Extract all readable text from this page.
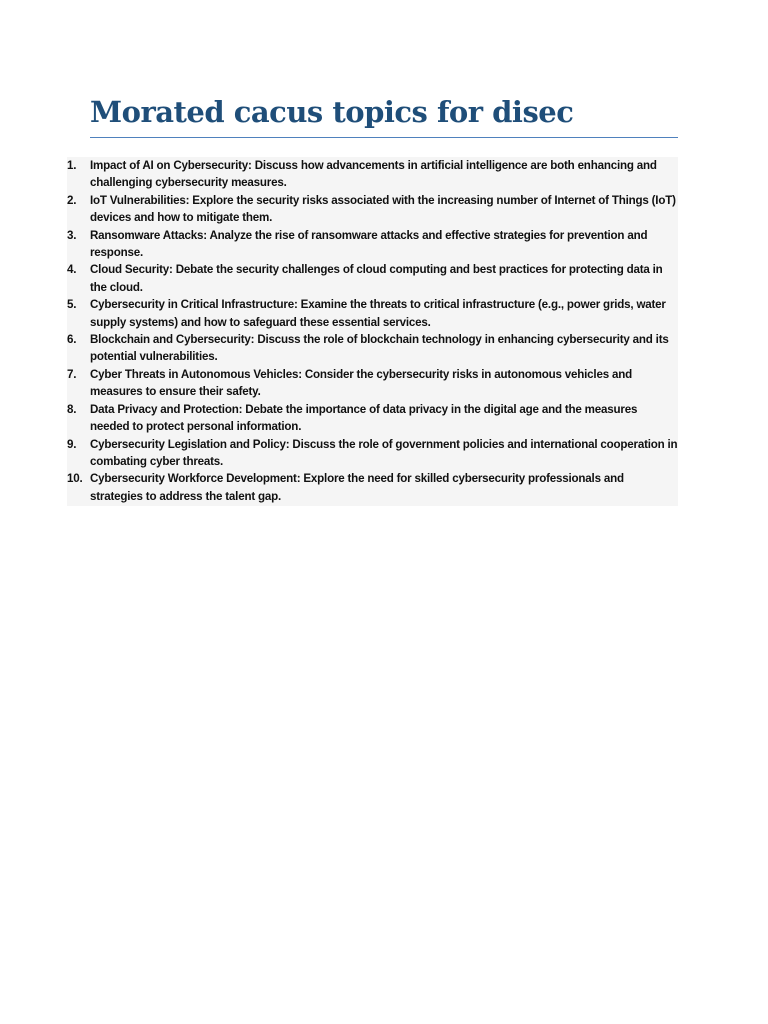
Morated cacus topics for disec
1.	Impact of AI on Cybersecurity: Discuss how advancements in artificial intelligence are both enhancing and challenging cybersecurity measures.
2.	IoT Vulnerabilities: Explore the security risks associated with the increasing number of Internet of Things (IoT) devices and how to mitigate them.
3.	Ransomware Attacks: Analyze the rise of ransomware attacks and effective strategies for prevention and response.
4.	Cloud Security: Debate the security challenges of cloud computing and best practices for protecting data in the cloud.
5.	Cybersecurity in Critical Infrastructure: Examine the threats to critical infrastructure (e.g., power grids, water supply systems) and how to safeguard these essential services.
6.	Blockchain and Cybersecurity: Discuss the role of blockchain technology in enhancing cybersecurity and its potential vulnerabilities.
7.	Cyber Threats in Autonomous Vehicles: Consider the cybersecurity risks in autonomous vehicles and measures to ensure their safety.
8.	Data Privacy and Protection: Debate the importance of data privacy in the digital age and the measures needed to protect personal information.
9.	Cybersecurity Legislation and Policy: Discuss the role of government policies and international cooperation in combating cyber threats.
10. Cybersecurity Workforce Development: Explore the need for skilled cybersecurity professionals and strategies to address the talent gap.
